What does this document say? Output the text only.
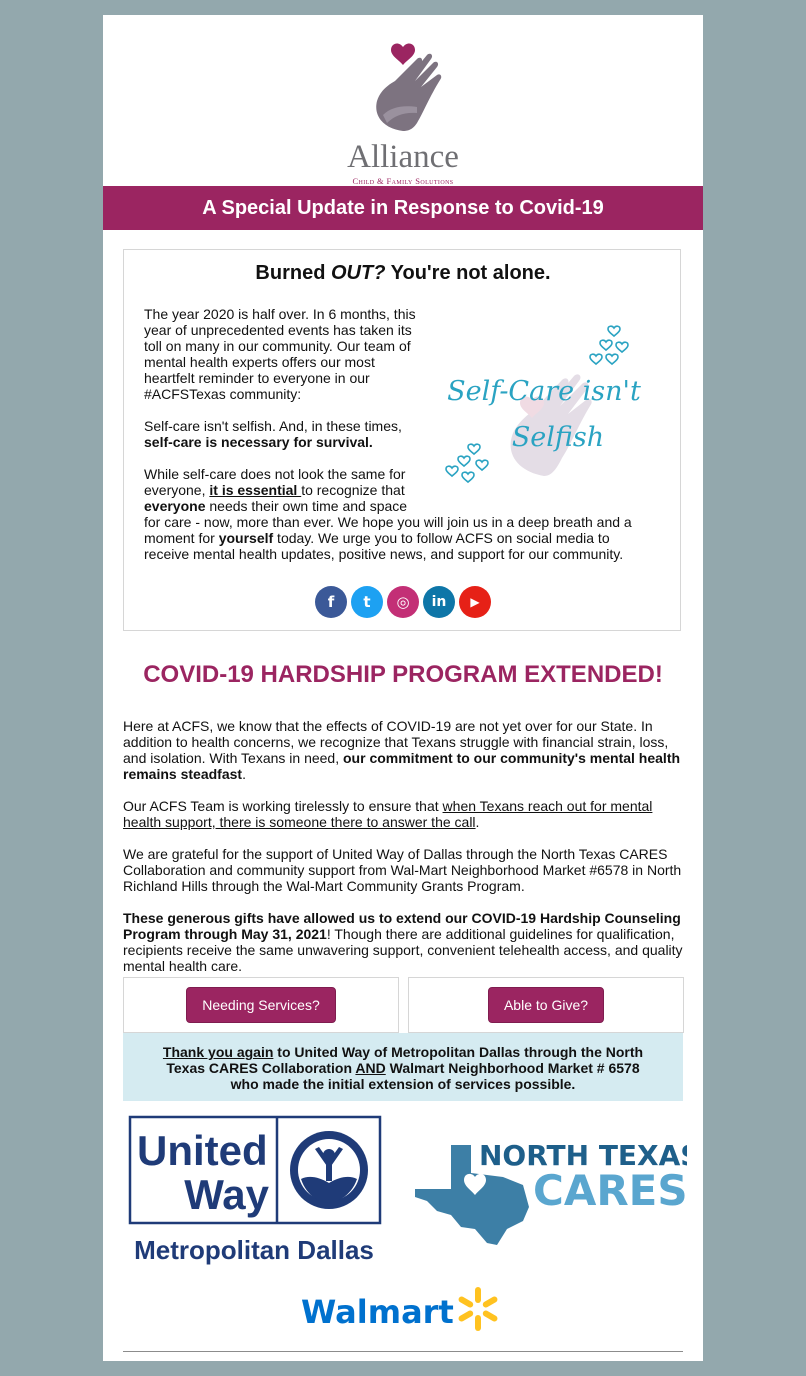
Alliance
Child & Family Solutions
A Special Update in Response to Covid-19
Burned OUT? You're not alone.
Self-Care isn't
Selfish

The year 2020 is half over. In 6 months, this year of unprecedented events has taken its toll on many in our community. Our team of mental health experts offers our most heartfelt reminder to everyone in our #ACFSTexas community:

Self-care isn't selfish. And, in these times, self-care is necessary for survival.

While self-care does not look the same for everyone, it is essential to recognize that everyone needs their own time and space for care - now, more than ever. We hope you will join us in a deep breath and a moment for yourself today. We urge you to follow ACFS on social media to receive mental health updates, positive news, and support for our community.

f t ◎ in ▶
COVID-19 HARDSHIP PROGRAM EXTENDED!

Here at ACFS, we know that the effects of COVID-19 are not yet over for our State. In addition to health concerns, we recognize that Texans struggle with financial strain, loss, and isolation. With Texans in need, our commitment to our community's mental health remains steadfast.

Our ACFS Team is working tirelessly to ensure that when Texans reach out for mental health support, there is someone there to answer the call.

We are grateful for the support of United Way of Dallas through the North Texas CARES Collaboration and community support from Wal-Mart Neighborhood Market #6578 in North Richland Hills through the Wal-Mart Community Grants Program.

These generous gifts have allowed us to extend our COVID-19 Hardship Counseling Program through May 31, 2021! Though there are additional guidelines for qualification, recipients receive the same unwavering support, convenient telehealth access, and quality mental health care.

Needing Services?	Able to Give?
Thank you again to United Way of Metropolitan Dallas through the North Texas CARES Collaboration AND Walmart Neighborhood Market # 6578 who made the initial extension of services possible.
United
Way
Metropolitan Dallas
NORTH TEXAS
CARES
Walmart
